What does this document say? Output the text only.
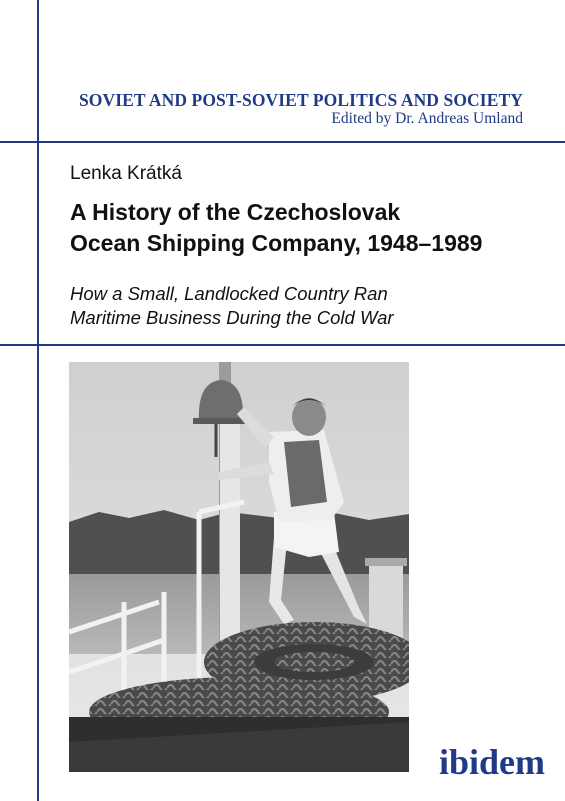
SOVIET AND POST-SOVIET POLITICS AND SOCIETY
Edited by Dr. Andreas Umland
Lenka Krátká
A History of the Czechoslovak
Ocean Shipping Company, 1948–1989
How a Small, Landlocked Country Ran
Maritime Business During the Cold War
ibidem
